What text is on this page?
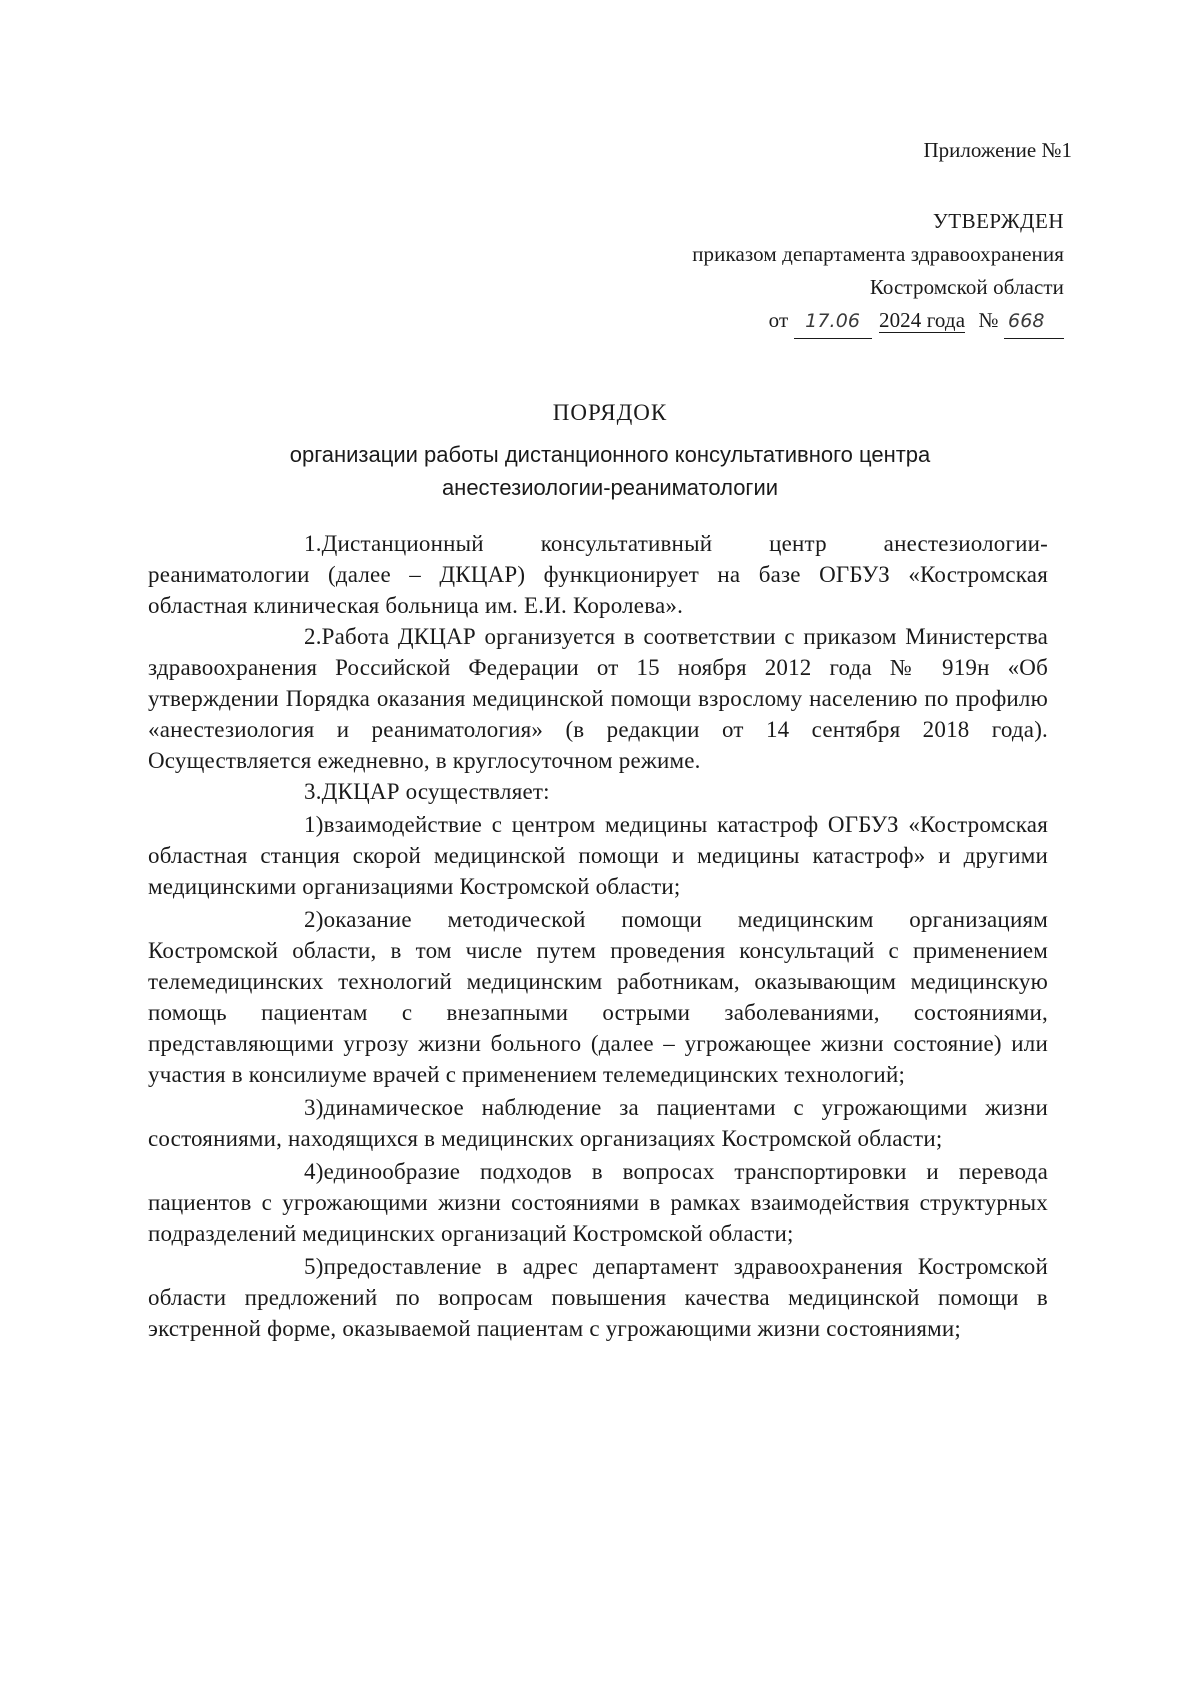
Приложение №1
УТВЕРЖДЕН
приказом департамента здравоохранения
Костромской области
от 17.06 2024 года № 668
ПОРЯДОК
организации работы дистанционного консультативного центра
анестезиологии-реаниматологии

1.Дистанционный консультативный центр анестезиологии-реаниматологии (далее – ДКЦАР) функционирует на базе ОГБУЗ «Костромская областная клиническая больница им. Е.И. Королева».

2.Работа ДКЦАР организуется в соответствии с приказом Министерства здравоохранения Российской Федерации от 15 ноября 2012 года № 919н «Об утверждении Порядка оказания медицинской помощи взрослому населению по профилю «анестезиология и реаниматология» (в редакции от 14 сентября 2018 года). Осуществляется ежедневно, в круглосуточном режиме.

3.ДКЦАР осуществляет:

1)взаимодействие с центром медицины катастроф ОГБУЗ «Костромская областная станция скорой медицинской помощи и медицины катастроф» и другими медицинскими организациями Костромской области;

2)оказание методической помощи медицинским организациям Костромской области, в том числе путем проведения консультаций с применением телемедицинских технологий медицинским работникам, оказывающим медицинскую помощь пациентам с внезапными острыми заболеваниями, состояниями, представляющими угрозу жизни больного (далее – угрожающее жизни состояние) или участия в консилиуме врачей с применением телемедицинских технологий;

3)динамическое наблюдение за пациентами с угрожающими жизни состояниями, находящихся в медицинских организациях Костромской области;

4)единообразие подходов в вопросах транспортировки и перевода пациентов с угрожающими жизни состояниями в рамках взаимодействия структурных подразделений медицинских организаций Костромской области;

5)предоставление в адрес департамент здравоохранения Костромской области предложений по вопросам повышения качества медицинской помощи в экстренной форме, оказываемой пациентам с угрожающими жизни состояниями;
